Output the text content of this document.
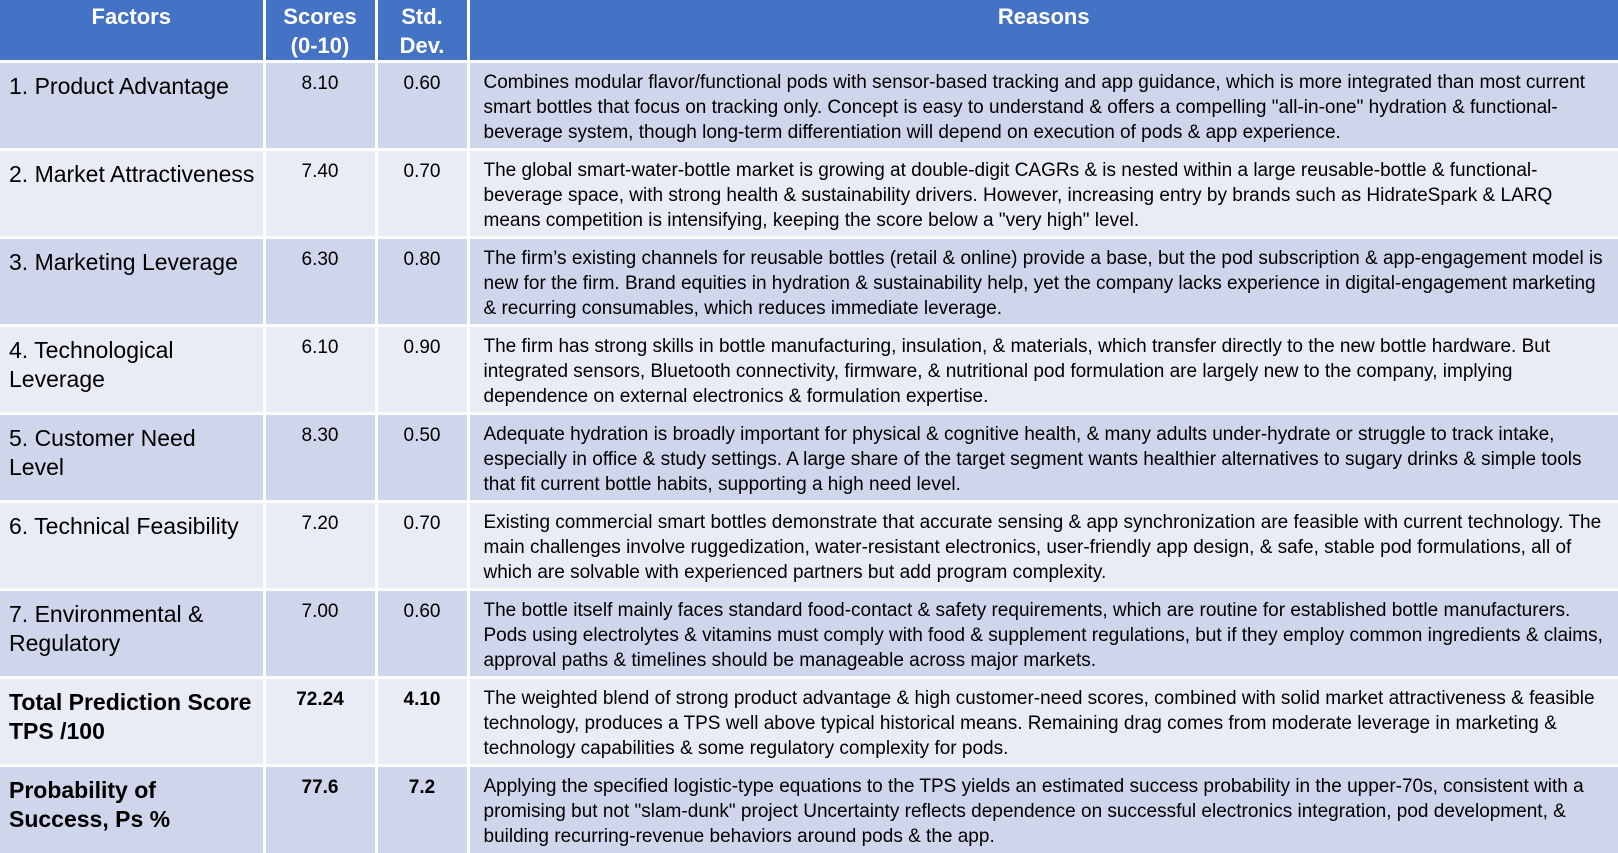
Factors	Scores (0-10)	Std. Dev.	Reasons
1. Product Advantage	8.10	0.60	Combines modular flavor/functional pods with sensor-based tracking and app guidance, which is more integrated than most current smart bottles that focus on tracking only. Concept is easy to understand & offers a compelling "all-in-one" hydration & functional-beverage system, though long-term differentiation will depend on execution of pods & app experience.
2. Market Attractiveness	7.40	0.70	The global smart-water-bottle market is growing at double-digit CAGRs & is nested within a large reusable-bottle & functional-beverage space, with strong health & sustainability drivers. However, increasing entry by brands such as HidrateSpark & LARQ means competition is intensifying, keeping the score below a "very high" level.
3. Marketing Leverage	6.30	0.80	The firm’s existing channels for reusable bottles (retail & online) provide a base, but the pod subscription & app-engagement model is new for the firm. Brand equities in hydration & sustainability help, yet the company lacks experience in digital-engagement marketing & recurring consumables, which reduces immediate leverage.
4. Technological Leverage	6.10	0.90	The firm has strong skills in bottle manufacturing, insulation, & materials, which transfer directly to the new bottle hardware. But integrated sensors, Bluetooth connectivity, firmware, & nutritional pod formulation are largely new to the company, implying dependence on external electronics & formulation expertise.
5. Customer Need Level	8.30	0.50	Adequate hydration is broadly important for physical & cognitive health, & many adults under-hydrate or struggle to track intake, especially in office & study settings. A large share of the target segment wants healthier alternatives to sugary drinks & simple tools that fit current bottle habits, supporting a high need level.
6. Technical Feasibility	7.20	0.70	Existing commercial smart bottles demonstrate that accurate sensing & app synchronization are feasible with current technology. The main challenges involve ruggedization, water-resistant electronics, user-friendly app design, & safe, stable pod formulations, all of which are solvable with experienced partners but add program complexity.
7. Environmental & Regulatory	7.00	0.60	The bottle itself mainly faces standard food-contact & safety requirements, which are routine for established bottle manufacturers. Pods using electrolytes & vitamins must comply with food & supplement regulations, but if they employ common ingredients & claims, approval paths & timelines should be manageable across major markets.
Total Prediction Score TPS /100	72.24	4.10	The weighted blend of strong product advantage & high customer-need scores, combined with solid market attractiveness & feasible technology, produces a TPS well above typical historical means. Remaining drag comes from moderate leverage in marketing & technology capabilities & some regulatory complexity for pods.
Probability of Success, Ps %	77.6	7.2	Applying the specified logistic-type equations to the TPS yields an estimated success probability in the upper-70s, consistent with a promising but not "slam-dunk" project Uncertainty reflects dependence on successful electronics integration, pod development, & building recurring-revenue behaviors around pods & the app.
